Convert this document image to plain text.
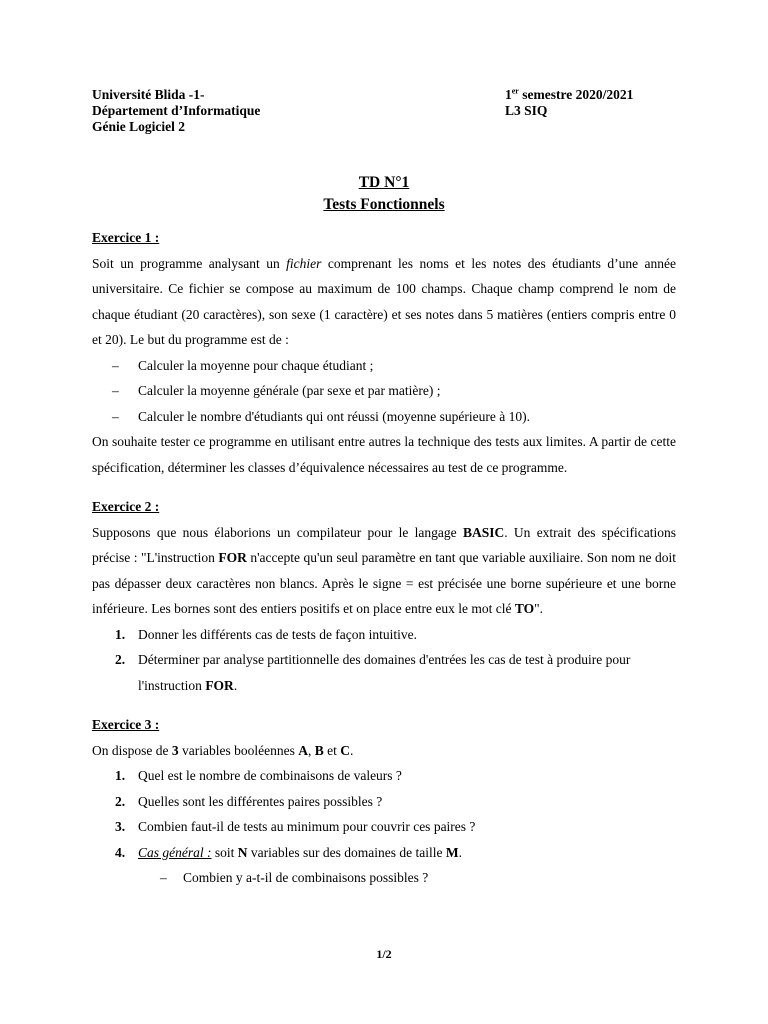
Université Blida -1-
Département d’Informatique
Génie Logiciel 2
1er semestre 2020/2021
L3 SIQ
TD N°1
Tests Fonctionnels

Exercice 1 :

Soit un programme analysant un fichier comprenant les noms et les notes des étudiants d’une année universitaire. Ce fichier se compose au maximum de 100 champs. Chaque champ comprend le nom de chaque étudiant (20 caractères), son sexe (1 caractère) et ses notes dans 5 matières (entiers compris entre 0 et 20). Le but du programme est de :

– Calculer la moyenne pour chaque étudiant ;
– Calculer la moyenne générale (par sexe et par matière) ;
– Calculer le nombre d'étudiants qui ont réussi (moyenne supérieure à 10).

On souhaite tester ce programme en utilisant entre autres la technique des tests aux limites. A partir de cette spécification, déterminer les classes d’équivalence nécessaires au test de ce programme.

Exercice 2 :

Supposons que nous élaborions un compilateur pour le langage BASIC. Un extrait des spécifications précise : "L'instruction FOR n'accepte qu'un seul paramètre en tant que variable auxiliaire. Son nom ne doit pas dépasser deux caractères non blancs. Après le signe = est précisée une borne supérieure et une borne inférieure. Les bornes sont des entiers positifs et on place entre eux le mot clé TO".

1. Donner les différents cas de tests de façon intuitive.
2. Déterminer par analyse partitionnelle des domaines d'entrées les cas de test à produire pour l'instruction FOR.

Exercice 3 :

On dispose de 3 variables booléennes A, B et C.

1. Quel est le nombre de combinaisons de valeurs ?
2. Quelles sont les différentes paires possibles ?
3. Combien faut-il de tests au minimum pour couvrir ces paires ?
4. Cas général : soit N variables sur des domaines de taille M.
– Combien y a-t-il de combinaisons possibles ?
1/2
